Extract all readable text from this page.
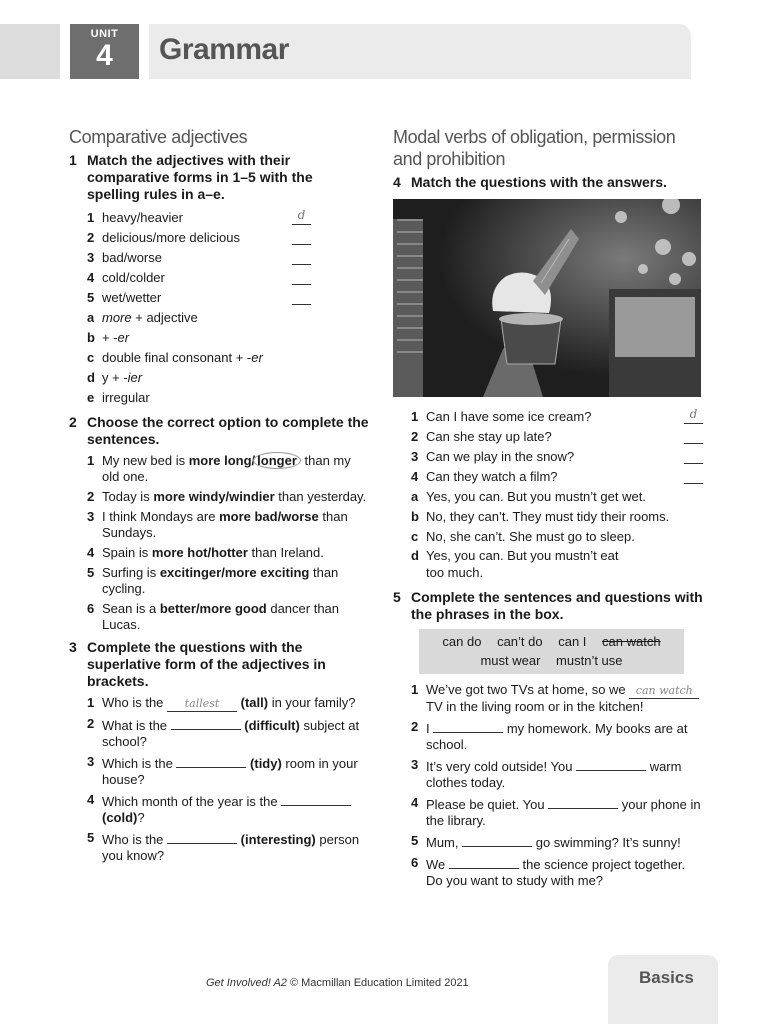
UNIT
4	Grammar
Comparative adjectives
1 Match the adjectives with their comparative forms in 1–5 with the spelling rules in a–e.
1 heavy/heavier	d
2 delicious/more delicious
3 bad/worse
4 cold/colder
5 wet/wetter
a more + adjective
b + -er
c double final consonant + -er
d y + -ier
e irregular
2 Choose the correct option to complete the sentences.
1 My new bed is more long/ longer than my old one.
2 Today is more windy/windier than yesterday.
3 I think Mondays are more bad/worse than Sundays.
4 Spain is more hot/hotter than Ireland.
5 Surfing is excitinger/more exciting than cycling.
6 Sean is a better/more good dancer than Lucas.
3 Complete the questions with the superlative form of the adjectives in brackets.
1 Who is the tallest (tall) in your family?
2 What is the	(difficult) subject at school?
3 Which is the	(tidy) room in your house?
4 Which month of the year is the  (cold)?
5 Who is the	(interesting) person you know?
Modal verbs of obligation, permission and prohibition
4 Match the questions with the answers.
1 Can I have some ice cream?	d
2 Can she stay up late?
3 Can we play in the snow?
4 Can they watch a film?
a Yes, you can. But you mustn’t get wet.
b No, they can’t. They must tidy their rooms.
c No, she can’t. She must go to sleep.
d Yes, you can. But you mustn’t eat too much.
5 Complete the sentences and questions with the phrases in the box.
can do can’t do can I can watch
must wear mustn’t use
1 We’ve got two TVs at home, so we can watch TV in the living room or in the kitchen!
2 I	my homework. My books are at school.
3 It’s very cold outside! You	warm clothes today.
4 Please be quiet. You	your phone in the library.
5 Mum,	go swimming? It’s sunny!
6 We	the science project together. Do you want to study with me?
Get Involved! A2 © Macmillan Education Limited 2021	Basics
